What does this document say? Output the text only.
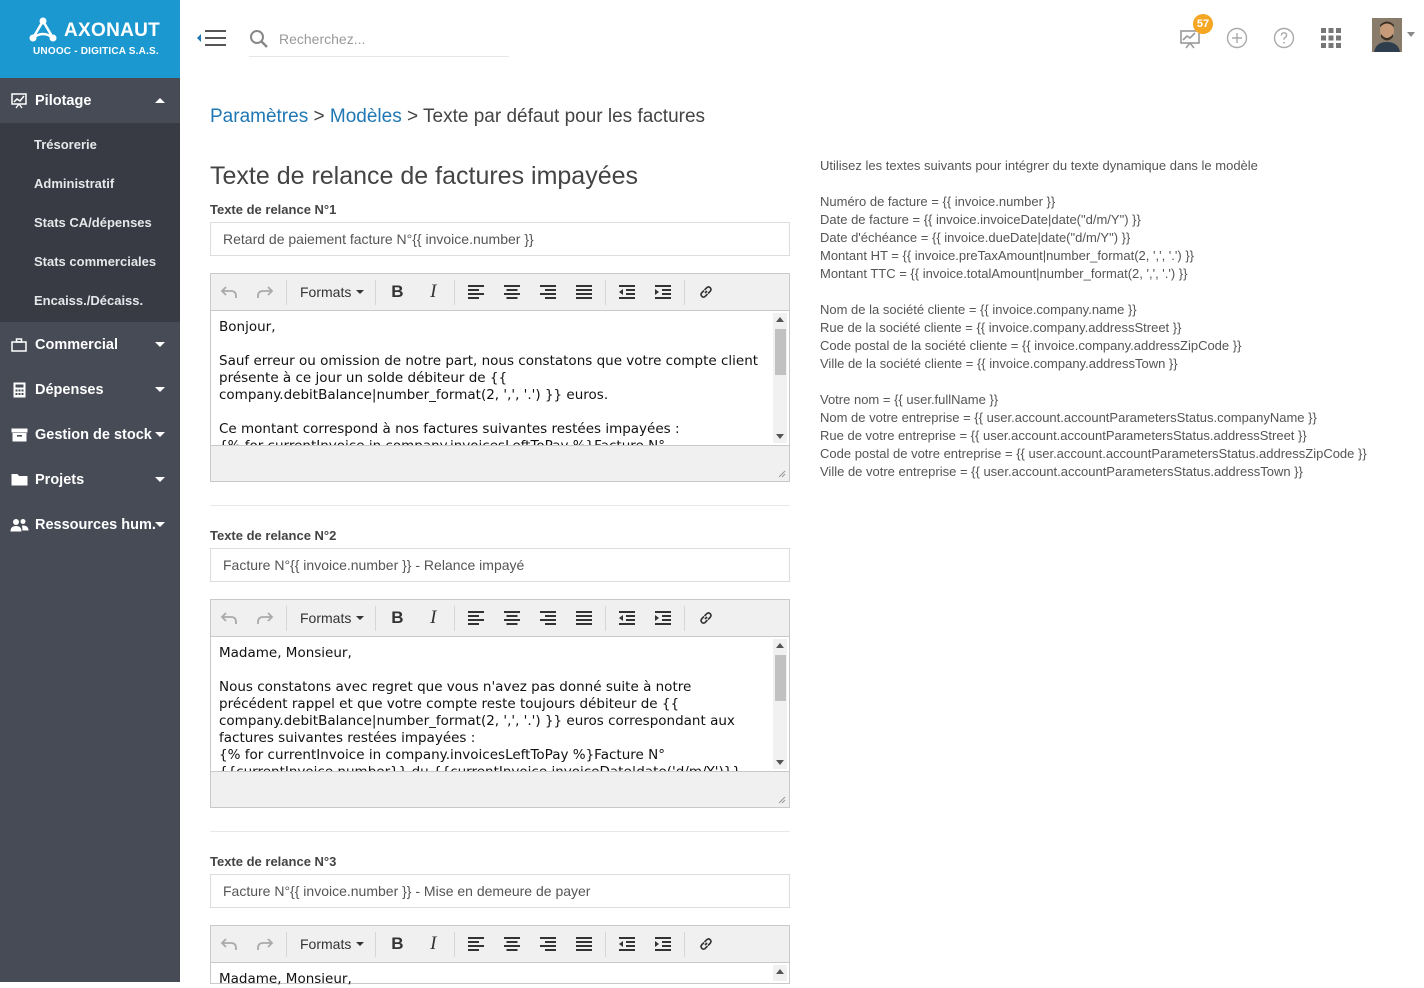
AXONAUT
UNOOC - DIGITICA S.A.S.
Pilotage
Trésorerie
Administratif
Stats CA/dépenses
Stats commerciales
Encaiss./Décaiss.
Commercial
Dépenses
Gestion de stock
Projets
Ressources hum.
Recherchez...
57
Paramètres > Modèles > Texte par défaut pour les factures
Texte de relance de factures impayées
Texte de relance N°1
Retard de paiement facture N°{{ invoice.number }}
Formats	B	I
Bonjour,

Sauf erreur ou omission de notre part, nous constatons que votre compte client présente à ce jour un solde débiteur de {{ company.debitBalance|number_format(2, ',', '.') }} euros.

Ce montant correspond à nos factures suivantes restées impayées :

Texte de relance N°2
Facture N°{{ invoice.number }} - Relance impayé
Formats	B	I
Madame, Monsieur,

Nous constatons avec regret que vous n'avez pas donné suite à notre précédent rappel et que votre compte reste toujours débiteur de {{ company.debitBalance|number_format(2, ',', '.') }} euros correspondant aux factures suivantes restées impayées :
{% for currentInvoice in company.invoicesLeftToPay %}Facture N°

Texte de relance N°3
Facture N°{{ invoice.number }} - Mise en demeure de payer
Formats	B	I
Madame, Monsieur,
Utilisez les textes suivants pour intégrer du texte dynamique dans le modèle
Numéro de facture = {{ invoice.number }}
Date de facture = {{ invoice.invoiceDate|date("d/m/Y") }}
Date d'échéance = {{ invoice.dueDate|date("d/m/Y") }}
Montant HT = {{ invoice.preTaxAmount|number_format(2, ',', '.') }}
Montant TTC = {{ invoice.totalAmount|number_format(2, ',', '.') }}
Nom de la société cliente = {{ invoice.company.name }}
Rue de la société cliente = {{ invoice.company.addressStreet }}
Code postal de la société cliente = {{ invoice.company.addressZipCode }}
Ville de la société cliente = {{ invoice.company.addressTown }}
Votre nom = {{ user.fullName }}
Nom de votre entreprise = {{ user.account.accountParametersStatus.companyName }}
Rue de votre entreprise = {{ user.account.accountParametersStatus.addressStreet }}
Code postal de votre entreprise = {{ user.account.accountParametersStatus.addressZipCode }}
Ville de votre entreprise = {{ user.account.accountParametersStatus.addressTown }}
